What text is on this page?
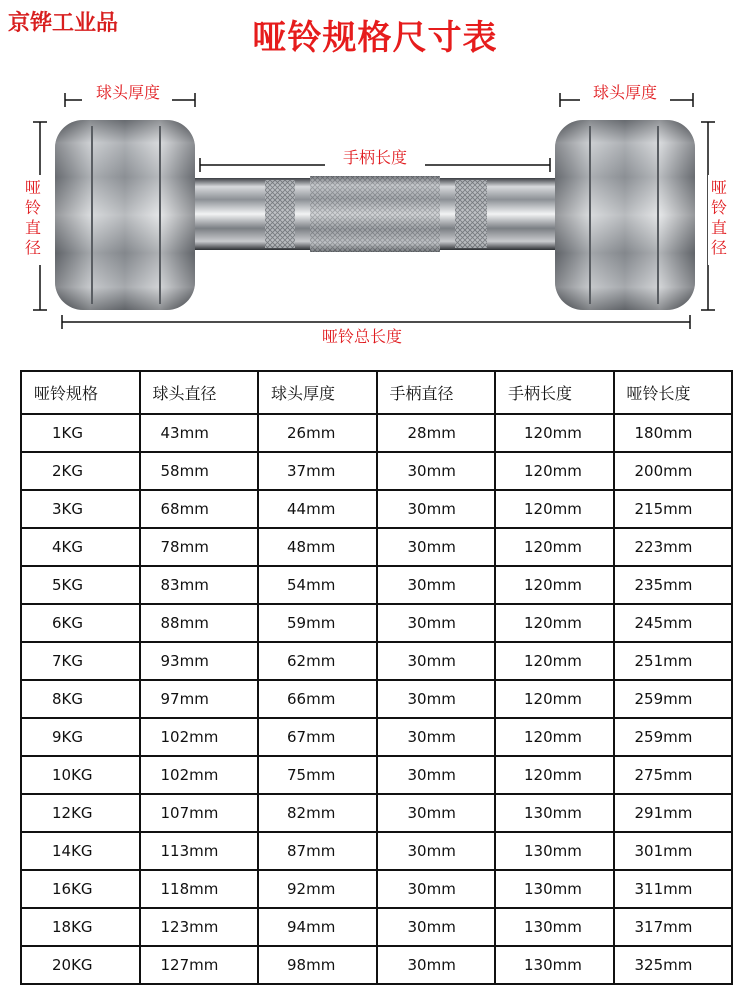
京铧工业品	哑铃规格尺寸表
球头厚度	球头厚度
手柄长度
哑铃总长度
哑
铃
直
径
哑
铃
直
径
哑铃规格	球头直径	球头厚度	手柄直径	手柄长度	哑铃长度
1KG	43mm	26mm	28mm	120mm	180mm
2KG	58mm	37mm	30mm	120mm	200mm
3KG	68mm	44mm	30mm	120mm	215mm
4KG	78mm	48mm	30mm	120mm	223mm
5KG	83mm	54mm	30mm	120mm	235mm
6KG	88mm	59mm	30mm	120mm	245mm
7KG	93mm	62mm	30mm	120mm	251mm
8KG	97mm	66mm	30mm	120mm	259mm
9KG	102mm	67mm	30mm	120mm	259mm
10KG	102mm	75mm	30mm	120mm	275mm
12KG	107mm	82mm	30mm	130mm	291mm
14KG	113mm	87mm	30mm	130mm	301mm
16KG	118mm	92mm	30mm	130mm	311mm
18KG	123mm	94mm	30mm	130mm	317mm
20KG	127mm	98mm	30mm	130mm	325mm
